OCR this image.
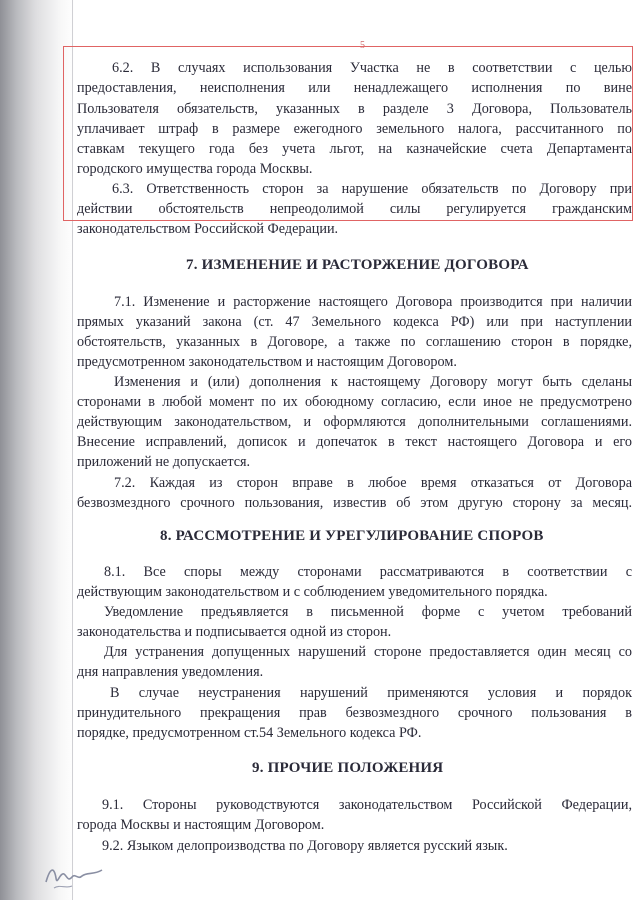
5

6.2. В случаях использования Участка не в соответствии с целью

предоставления, неисполнения или ненадлежащего исполнения по вине

Пользователя обязательств, указанных в разделе 3 Договора, Пользователь

уплачивает штраф в размере ежегодного земельного налога, рассчитанного по

ставкам текущего года без учета льгот, на казначейские счета Департамента

городского имущества города Москвы.

6.3. Ответственность сторон за нарушение обязательств по Договору при

действии обстоятельств непреодолимой силы регулируется гражданским

законодательством Российской Федерации.

7. ИЗМЕНЕНИЕ И РАСТОРЖЕНИЕ ДОГОВОРА

7.1. Изменение и расторжение настоящего Договора производится при наличии

прямых указаний закона (ст. 47 Земельного кодекса РФ) или при наступлении

обстоятельств, указанных в Договоре, а также по соглашению сторон в порядке,

предусмотренном законодательством и настоящим Договором.

Изменения и (или) дополнения к настоящему Договору могут быть сделаны

сторонами в любой момент по их обоюдному согласию, если иное не предусмотрено

действующим законодательством, и оформляются дополнительными соглашениями.

Внесение исправлений, дописок и допечаток в текст настоящего Договора и его

приложений не допускается.

7.2. Каждая из сторон вправе в любое время отказаться от Договора

безвозмездного срочного пользования, известив об этом другую сторону за месяц.

8. РАССМОТРЕНИЕ И УРЕГУЛИРОВАНИЕ СПОРОВ

8.1. Все споры между сторонами рассматриваются в соответствии с

действующим законодательством и с соблюдением уведомительного порядка.

Уведомление предъявляется в письменной форме с учетом требований

законодательства и подписывается одной из сторон.

Для устранения допущенных нарушений стороне предоставляется один месяц со

дня направления уведомления.

В случае неустранения нарушений применяются условия и порядок

принудительного прекращения прав безвозмездного срочного пользования в

порядке, предусмотренном ст.54 Земельного кодекса РФ.

9. ПРОЧИЕ ПОЛОЖЕНИЯ

9.1. Стороны руководствуются законодательством Российской Федерации,

города Москвы и настоящим Договором.

9.2. Языком делопроизводства по Договору является русский язык.
